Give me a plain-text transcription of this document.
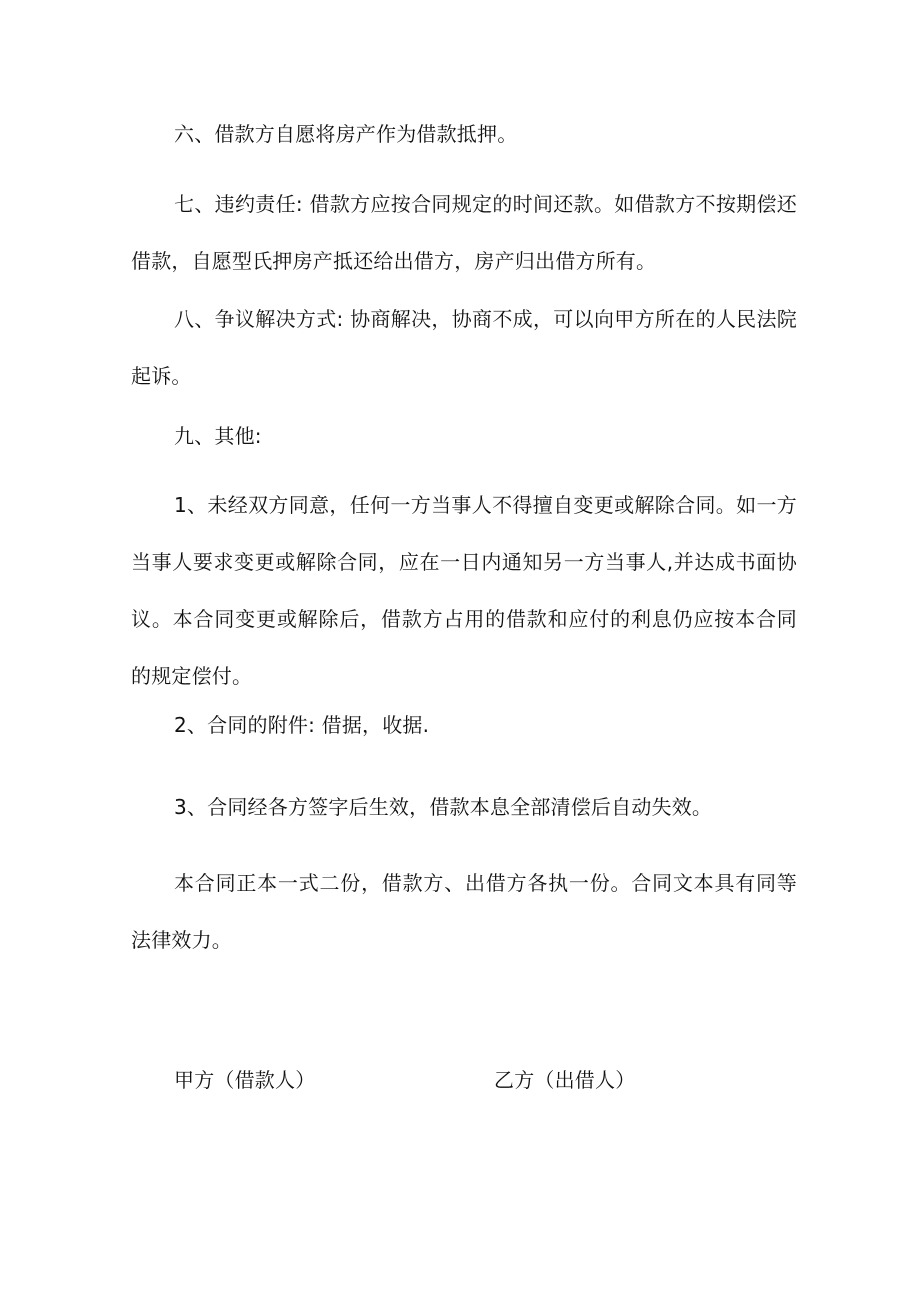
六、借款方自愿将房产作为借款抵押。

七、违约责任: 借款方应按合同规定的时间还款。如借款方不按期偿还借款，自愿型氏押房产抵还给出借方，房产归出借方所有。

八、争议解决方式: 协商解决，协商不成，可以向甲方所在的人民法院起诉。

九、其他:

1、未经双方同意，任何一方当事人不得擅自变更或解除合同。如一方当事人要求变更或解除合同，应在一日内通知另一方当事人,并达成书面协议。本合同变更或解除后，借款方占用的借款和应付的利息仍应按本合同的规定偿付。

2、合同的附件: 借据，收据.

3、合同经各方签字后生效，借款本息全部清偿后自动失效。

本合同正本一式二份，借款方、出借方各执一份。合同文本具有同等法律效力。

甲方（借款人）	乙方（出借人）
